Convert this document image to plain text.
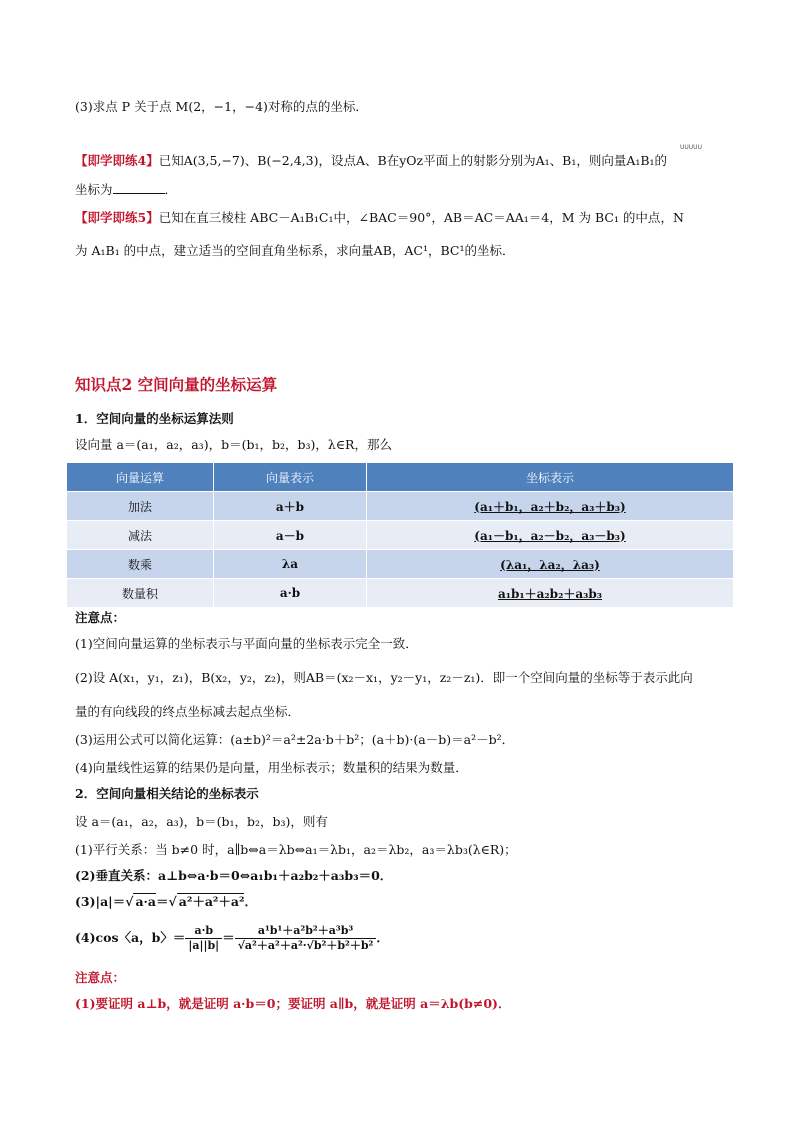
(3)求点 P 关于点 M(2，−1，−4)对称的点的坐标．
UUUUU
【即学即练4】已知A(3,5,−7)、B(−2,4,3)，设点A、B在yOz平面上的射影分别为A₁、B₁，则向量A₁B₁的
坐标为	．
【即学即练5】已知在直三棱柱 ABC－A₁B₁C₁中，∠BAC＝90°，AB＝AC＝AA₁＝4，M 为 BC₁ 的中点，N
为 A₁B₁ 的中点，建立适当的空间直角坐标系，求向量AB，AC¹，BC¹的坐标．
知识点2 空间向量的坐标运算
1．空间向量的坐标运算法则
设向量 a＝(a₁，a₂，a₃)，b＝(b₁，b₂，b₃)，λ∈R，那么
向量运算	向量表示	坐标表示
加法	a＋b	(a₁＋b₁，a₂＋b₂，a₃＋b₃)
减法	a－b	(a₁－b₁，a₂－b₂，a₃－b₃)
数乘	λa	(λa₁，λa₂，λa₃)
数量积	a·b	a₁b₁＋a₂b₂＋a₃b₃
注意点：
(1)空间向量运算的坐标表示与平面向量的坐标表示完全一致．
(2)设 A(x₁，y₁，z₁)，B(x₂，y₂，z₂)，则AB＝(x₂－x₁，y₂－y₁，z₂－z₁)．即一个空间向量的坐标等于表示此向
量的有向线段的终点坐标减去起点坐标．
(3)运用公式可以简化运算：(a±b)²＝a²±2a·b＋b²；(a＋b)·(a－b)＝a²－b²．
(4)向量线性运算的结果仍是向量，用坐标表示；数量积的结果为数量．
2．空间向量相关结论的坐标表示
设 a＝(a₁，a₂，a₃)，b＝(b₁，b₂，b₃)，则有
(1)平行关系：当 b≠0 时，a∥b⇔a＝λb⇔a₁＝λb₁，a₂＝λb₂，a₃＝λb₃(λ∈R)；
(2)垂直关系：a⊥b⇔a·b＝0⇔a₁b₁＋a₂b₂＋a₃b₃＝0．
(3)|a|＝√ a·a＝√ a²＋a²＋a²．
(4)cos〈a，b〉＝ $\frac{a\cdot b}{|a||b|} = \frac{\text{a¹b¹＋a²b²＋a³b³}}{\text{√a²＋a²＋a²·√b²＋b²＋b²}}$ ．
注意点：
(1)要证明 a⊥b，就是证明 a·b＝0；要证明 a∥b，就是证明 a＝λb(b≠0)．
